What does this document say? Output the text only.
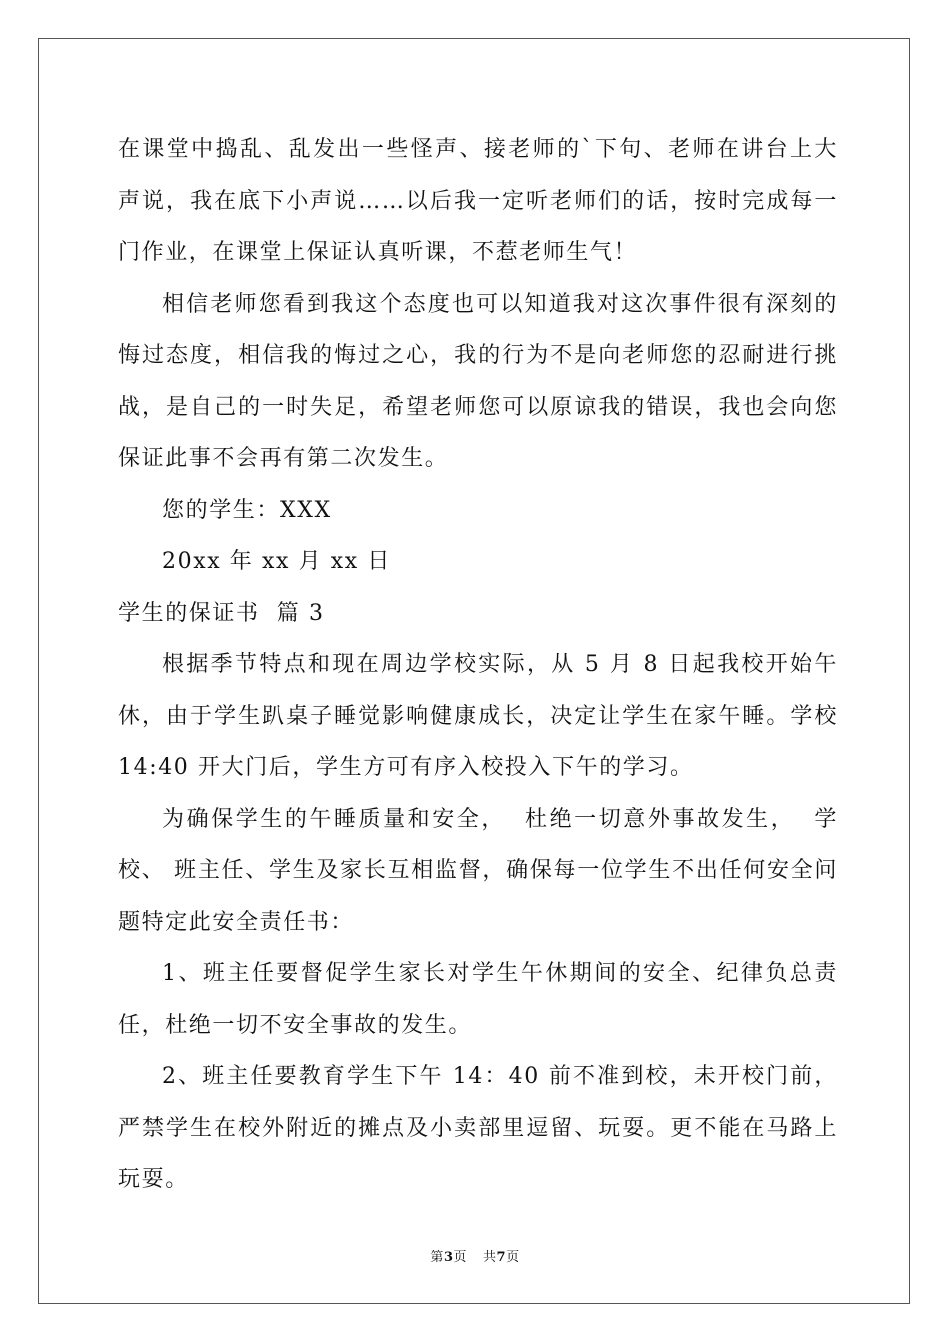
在课堂中捣乱、乱发出一些怪声、接老师的`下句、老师在讲台上大声说，我在底下小声说……以后我一定听老师们的话，按时完成每一门作业，在课堂上保证认真听课，不惹老师生气！

相信老师您看到我这个态度也可以知道我对这次事件很有深刻的悔过态度，相信我的悔过之心，我的行为不是向老师您的忍耐进行挑战，是自己的一时失足，希望老师您可以原谅我的错误，我也会向您保证此事不会再有第二次发生。

您的学生：XXX

20xx 年 xx 月 xx 日

学生的保证书  篇 3

根据季节特点和现在周边学校实际，从 5 月 8 日起我校开始午休，由于学生趴桌子睡觉影响健康成长，决定让学生在家午睡。学校 14:40 开大门后，学生方可有序入校投入下午的学习。

为确保学生的午睡质量和安全，  杜绝一切意外事故发生，  学校、 班主任、学生及家长互相监督，确保每一位学生不出任何安全问题特定此安全责任书：

1、班主任要督促学生家长对学生午休期间的安全、纪律负总责任，杜绝一切不安全事故的发生。

2、班主任要教育学生下午 14：40 前不准到校，未开校门前，严禁学生在校外附近的摊点及小卖部里逗留、玩耍。更不能在马路上玩耍。

第3页 共7页
